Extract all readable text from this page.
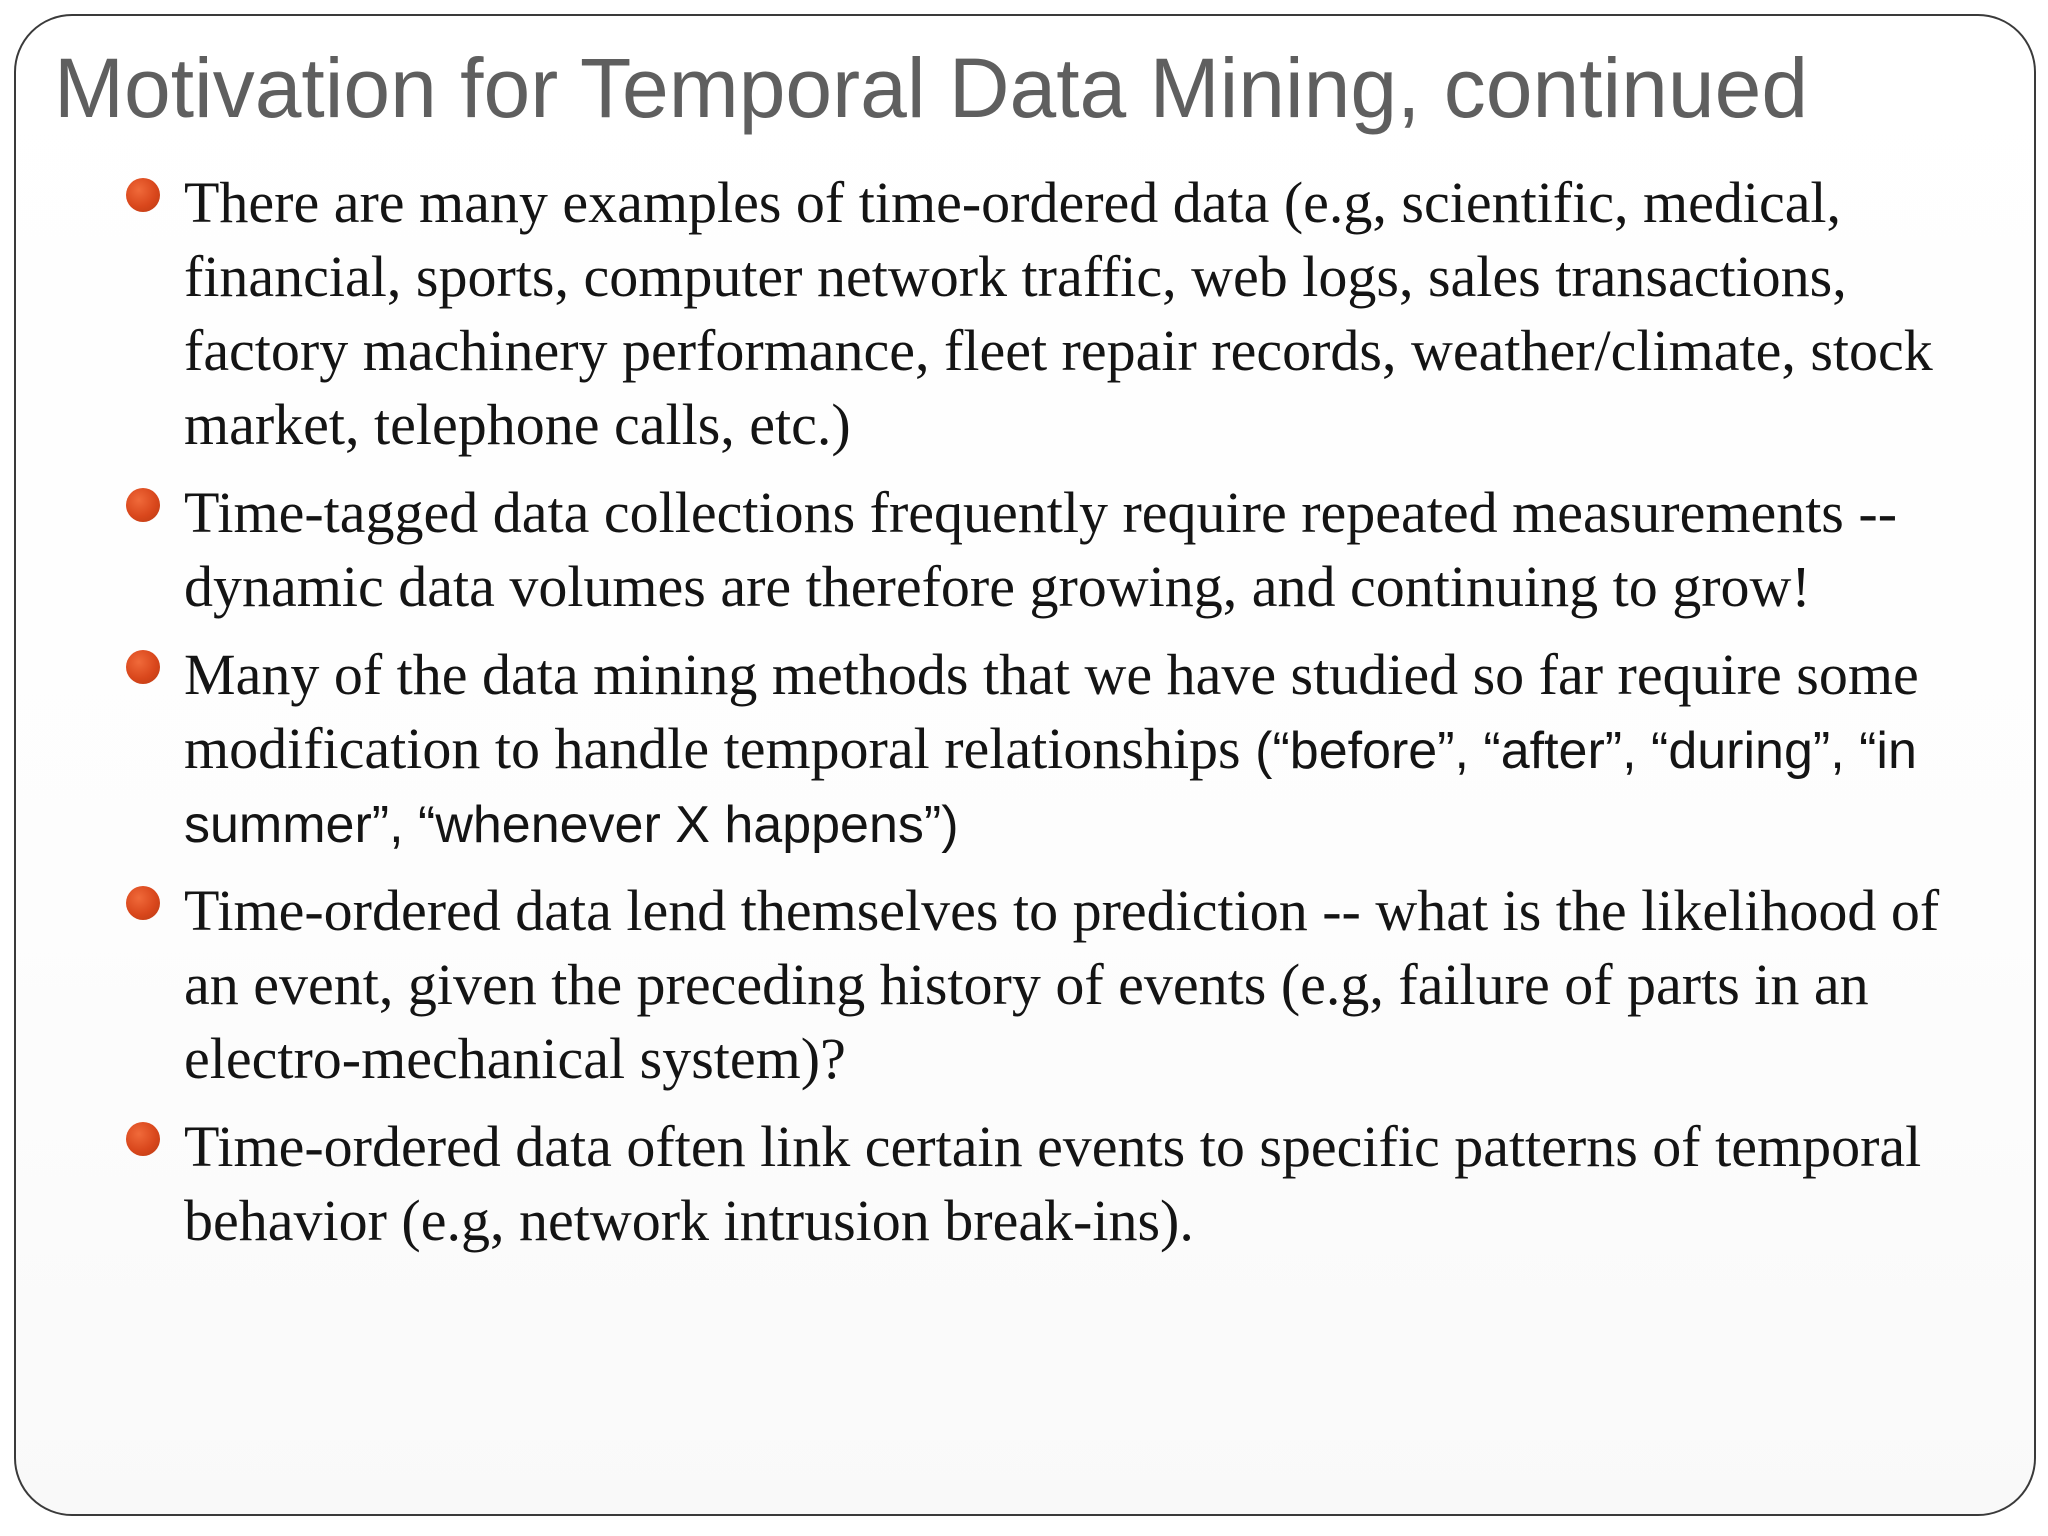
Motivation for Temporal Data Mining, continued
There are many examples of time-ordered data (e.g, scientific, medical, financial, sports, computer network traffic, web logs, sales transactions, factory machinery performance, fleet repair records, weather/climate, stock market, telephone calls, etc.)
Time-tagged data collections frequently require repeated measurements -- dynamic data volumes are therefore growing, and continuing to grow!
Many of the data mining methods that we have studied so far require some modification to handle temporal relationships (“before”, “after”, “during”, “in summer”, “whenever X happens”)
Time-ordered data lend themselves to prediction -- what is the likelihood of an event, given the preceding history of events (e.g, failure of parts in an electro-mechanical system)?
Time-ordered data often link certain events to specific patterns of temporal behavior (e.g, network intrusion break-ins).
